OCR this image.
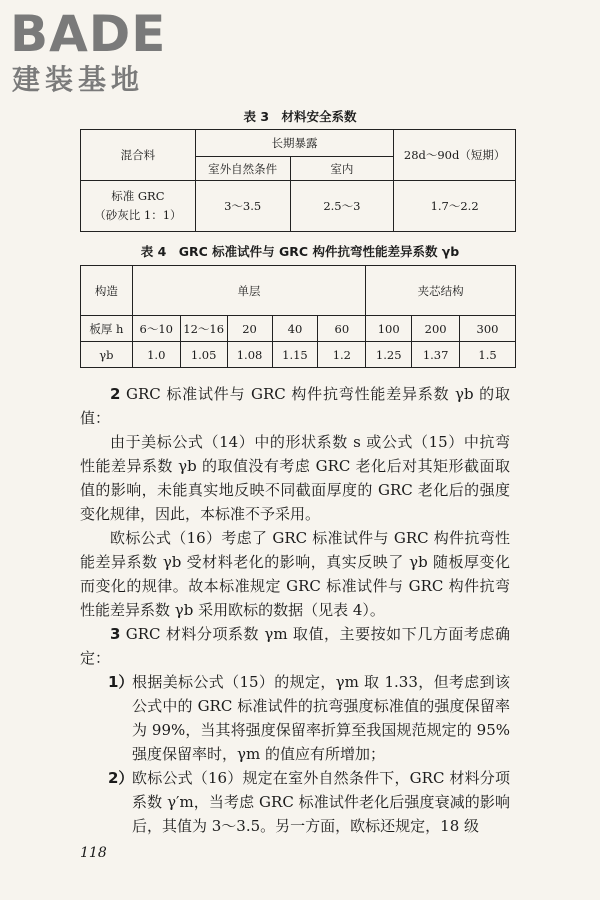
BADE
建装基地
表 3　材料安全系数
混合料	长期暴露		28d～90d（短期）
	室外自然条件	室内	

标准 GRC
（砂灰比 1：1）	3～3.5	2.5～3	1.7～2.2
表 4　GRC 标准试件与 GRC 构件抗弯性能差异系数 γb
构造	单层					夹芯结构		
板厚 h	6～10	12～16	20	40	60	100	200	300
γb	1.0	1.05	1.08	1.15	1.2	1.25	1.37	1.5

2 GRC 标准试件与 GRC 构件抗弯性能差异系数 γb 的取值：

由于美标公式（14）中的形状系数 s 或公式（15）中抗弯性能差异系数 γb 的取值没有考虑 GRC 老化后对其矩形截面取值的影响，未能真实地反映不同截面厚度的 GRC 老化后的强度变化规律，因此，本标准不予采用。

欧标公式（16）考虑了 GRC 标准试件与 GRC 构件抗弯性能差异系数 γb 受材料老化的影响，真实反映了 γb 随板厚变化而变化的规律。故本标准规定 GRC 标准试件与 GRC 构件抗弯性能差异系数 γb 采用欧标的数据（见表 4）。

3 GRC 材料分项系数 γm 取值，主要按如下几方面考虑确定：

1）
根据美标公式（15）的规定，γm 取 1.33，但考虑到该公式中的 GRC 标准试件的抗弯强度标准值的强度保留率为 99%，当其将强度保留率折算至我国规范规定的 95%强度保留率时，γm 的值应有所增加；
2）
欧标公式（16）规定在室外自然条件下，GRC 材料分项系数 γ′m，当考虑 GRC 标准试件老化后强度衰减的影响后，其值为 3～3.5。另一方面，欧标还规定，18 级
118
